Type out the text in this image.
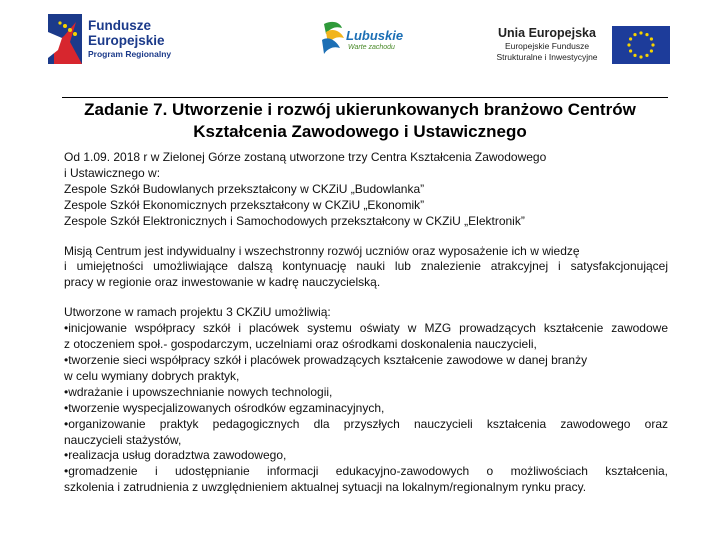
Fundusze
Europejskie
Program Regionalny
Lubuskie
Warte zachodu
Unia Europejska
Europejskie Fundusze
Strukturalne i Inwestycyjne
Zadanie 7. Utworzenie i rozwój ukierunkowanych branżowo Centrów
Kształcenia Zawodowego i Ustawicznego

Od 1.09. 2018 r w Zielonej Górze zostaną utworzone trzy Centra Kształcenia Zawodowego

i Ustawicznego w:

Zespole Szkół Budowlanych przekształcony w CKZiU „Budowlanka”

Zespole Szkół Ekonomicznych przekształcony w CKZiU „Ekonomik”

Zespole Szkół Elektronicznych i Samochodowych przekształcony w CKZiU „Elektronik”

Misją Centrum jest indywidualny i wszechstronny rozwój uczniów oraz wyposażenie ich w wiedzę

i umiejętności umożliwiające dalszą kontynuację nauki lub znalezienie atrakcyjnej i satysfakcjonującej

pracy w regionie oraz inwestowanie w kadrę nauczycielską.

Utworzone w ramach projektu 3 CKZiU umożliwią:

•inicjowanie współpracy szkół i placówek systemu oświaty w MZG prowadzących kształcenie zawodowe

z otoczeniem społ.- gospodarczym, uczelniami oraz ośrodkami doskonalenia nauczycieli,

•tworzenie sieci współpracy szkół i placówek prowadzących kształcenie zawodowe w danej branży

w celu wymiany dobrych praktyk,

•wdrażanie i upowszechnianie nowych technologii,

•tworzenie wyspecjalizowanych ośrodków egzaminacyjnych,

•organizowanie praktyk pedagogicznych dla przyszłych nauczycieli kształcenia zawodowego oraz

nauczycieli stażystów,

•realizacja usług doradztwa zawodowego,

•gromadzenie i udostępnianie informacji edukacyjno-zawodowych o możliwościach kształcenia,

szkolenia i zatrudnienia z uwzględnieniem aktualnej sytuacji na lokalnym/regionalnym rynku pracy.
